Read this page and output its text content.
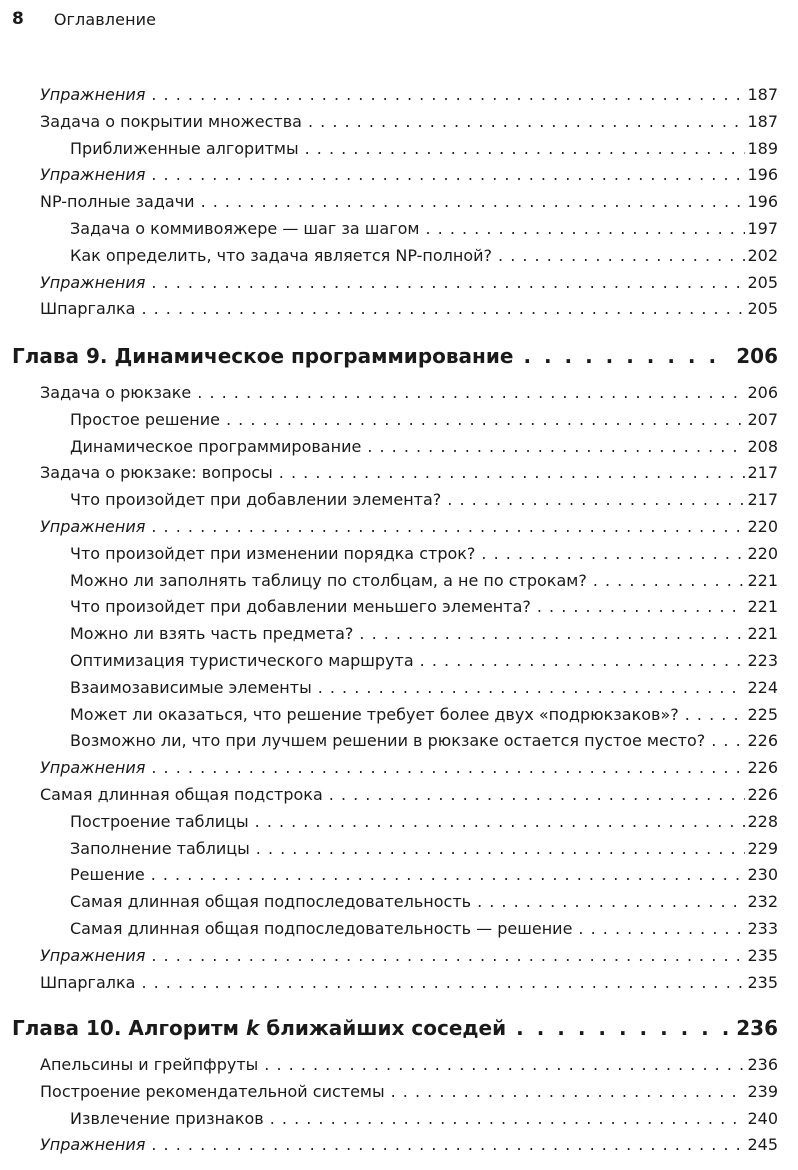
8 Оглавление
Упражнения . . .	187
Задача о покрытии множества . . .	187
Приближенные алгоритмы . . .	189
Упражнения . . .	196
NP-полные задачи . . .	196
Задача о коммивояжере — шаг за шагом . . .	197
Как определить, что задача является NP-полной? . . .	202
Упражнения . . .	205
Шпаргалка . . .	205
Глава 9. Динамическое программирование . . .	206
Задача о рюкзаке . . .	206
Простое решение . . .	207
Динамическое программирование . . .	208
Задача о рюкзаке: вопросы . . .	217
Что произойдет при добавлении элемента? . . .	217
Упражнения . . .	220
Что произойдет при изменении порядка строк? . . .	220
Можно ли заполнять таблицу по столбцам, а не по строкам? . . .	221
Что произойдет при добавлении меньшего элемента? . . .	221
Можно ли взять часть предмета? . . .	221
Оптимизация туристического маршрута . . .	223
Взаимозависимые элементы . . .	224
Может ли оказаться, что решение требует более двух «подрюкзаков»? . . .	225
Возможно ли, что при лучшем решении в рюкзаке остается пустое место? . . .	226
Упражнения . . .	226
Самая длинная общая подстрока . . .	226
Построение таблицы . . .	228
Заполнение таблицы . . .	229
Решение . . .	230
Самая длинная общая подпоследовательность . . .	232
Самая длинная общая подпоследовательность — решение . . .	233
Упражнения . . .	235
Шпаргалка . . .	235
Глава 10. Алгоритм k ближайших соседей . . .	236
Апельсины и грейпфруты . . .	236
Построение рекомендательной системы . . .	239
Извлечение признаков . . .	240
Упражнения . . .	245
